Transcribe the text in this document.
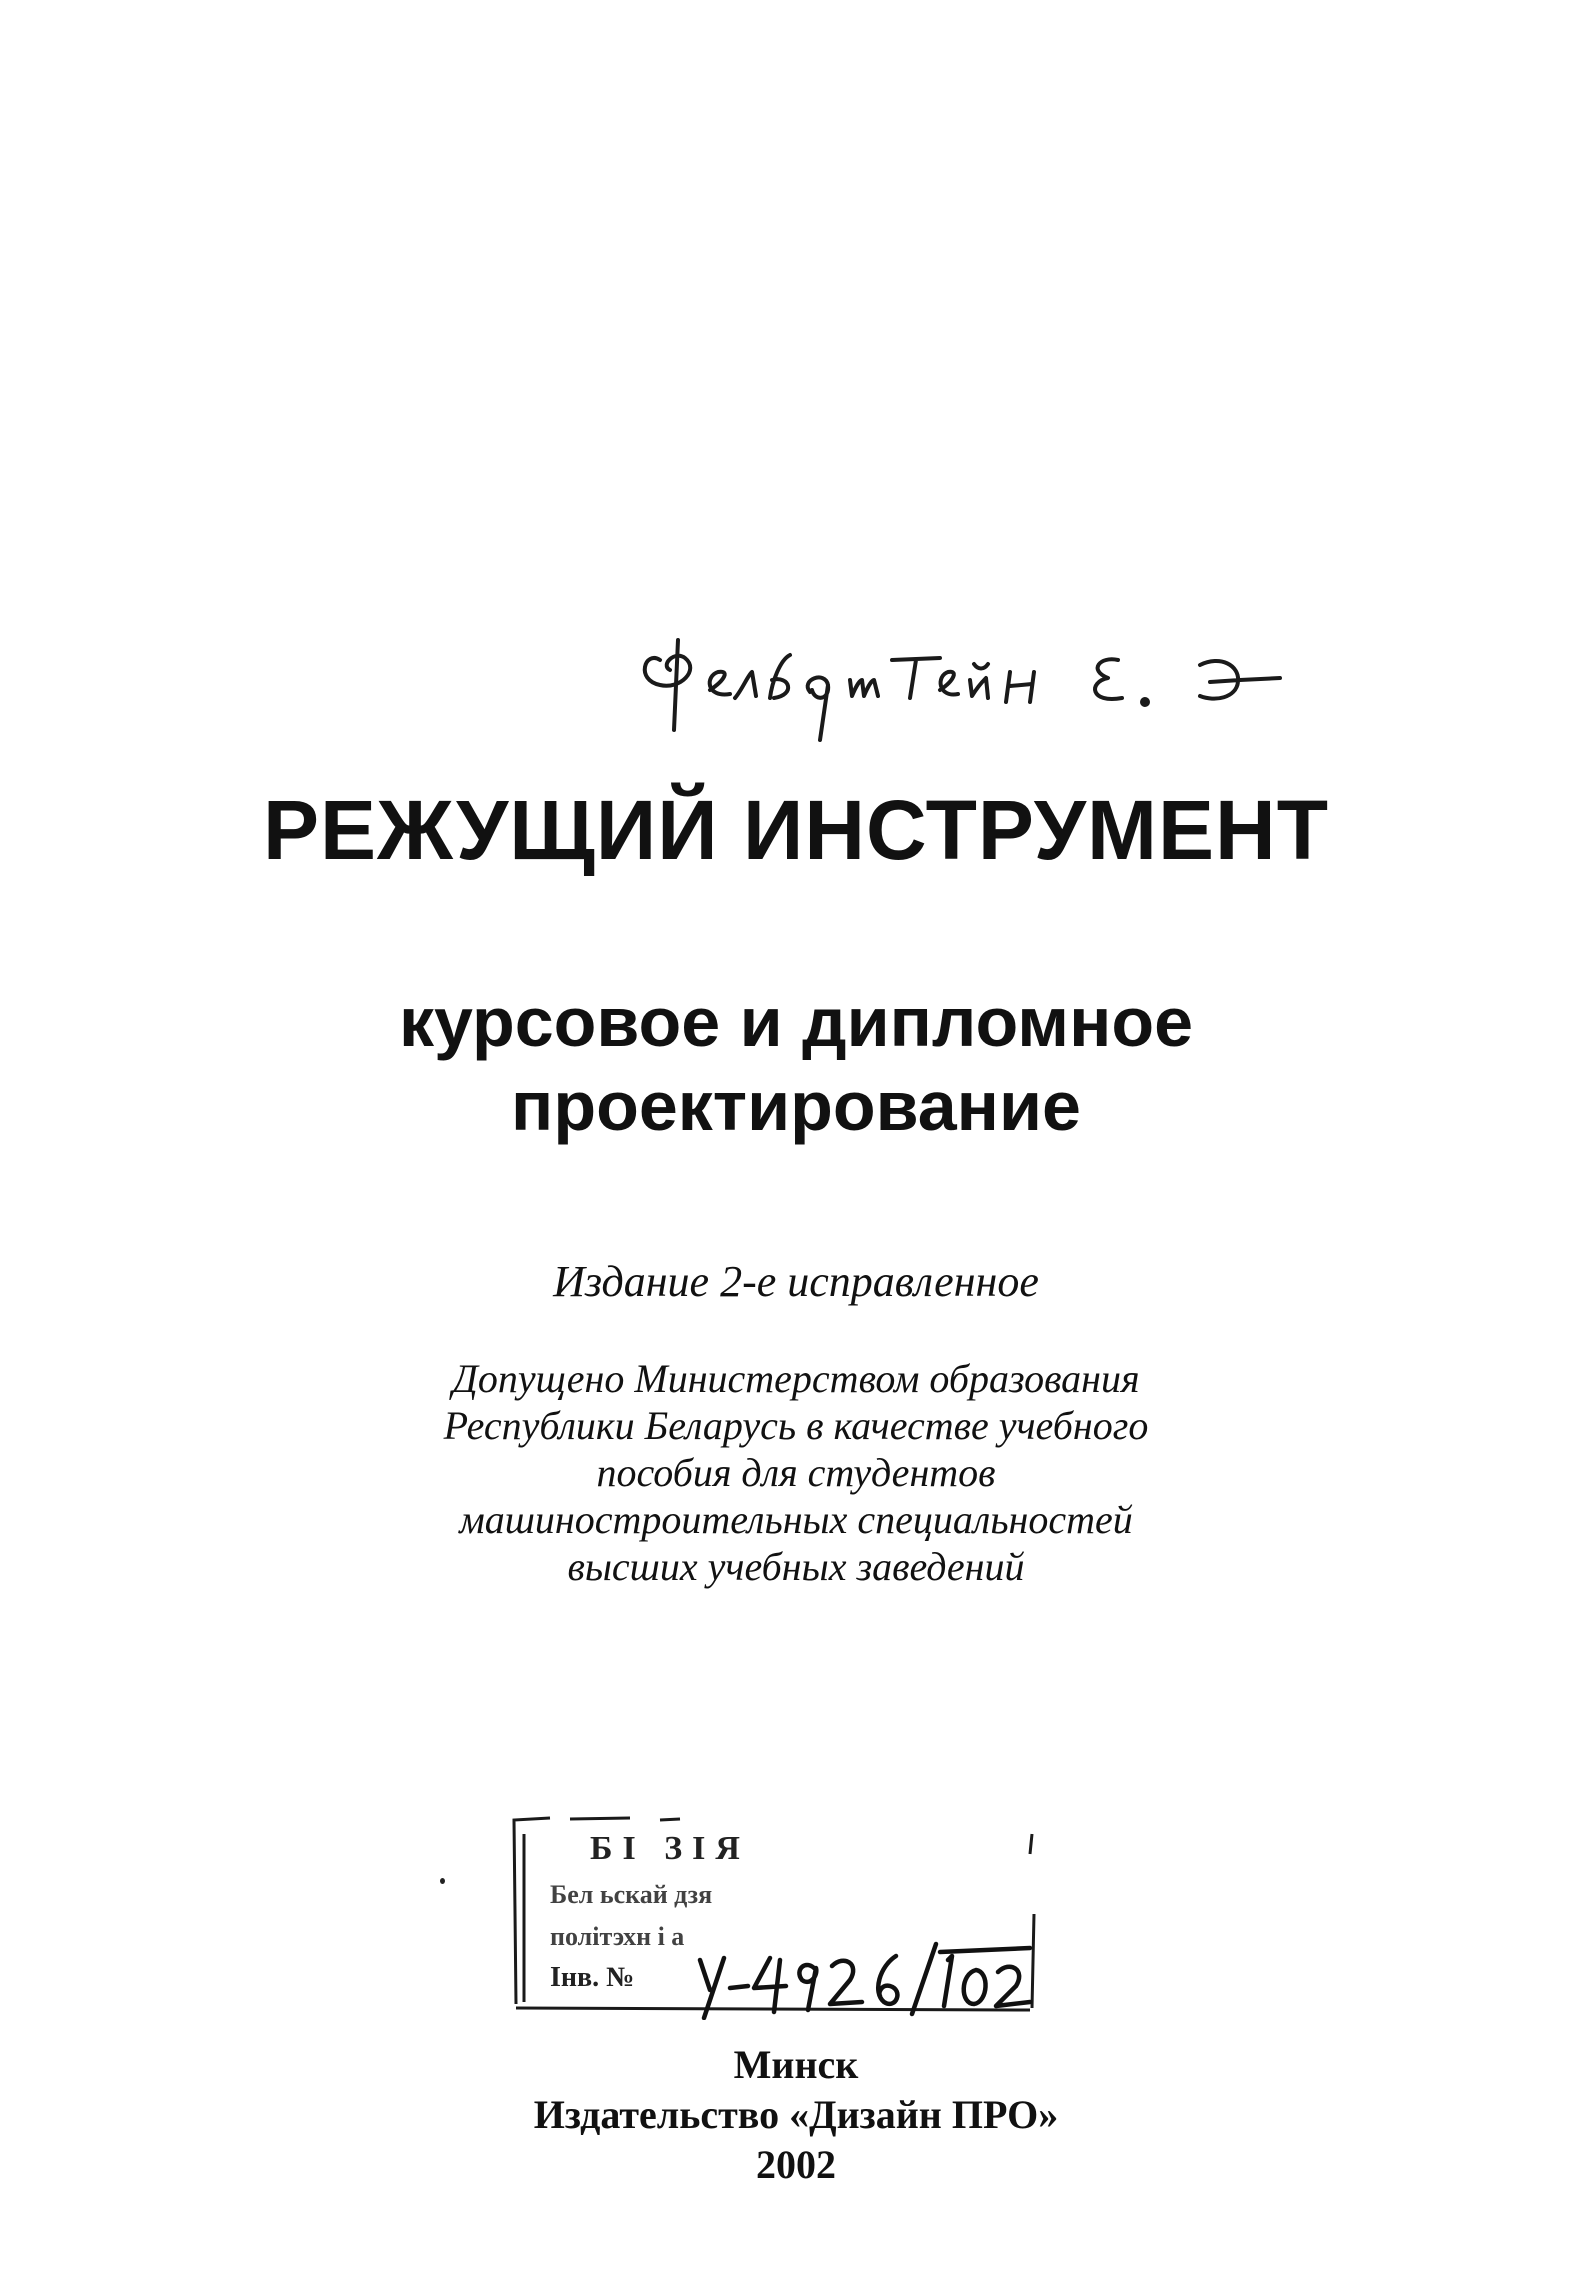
РЕЖУЩИЙ ИНСТРУМЕНТ
курсовое и дипломное
проектирование
Издание 2-е исправленное
Допущено Министерством образования
Республики Беларусь в качестве учебного
пособия для студентов
машиностроительных специальностей
высших учебных заведений
БІ ЗІЯ
Бел ьскай дзя
політэхн і а
Інв. №
Минск
Издательство «Дизайн ПРО»
2002
